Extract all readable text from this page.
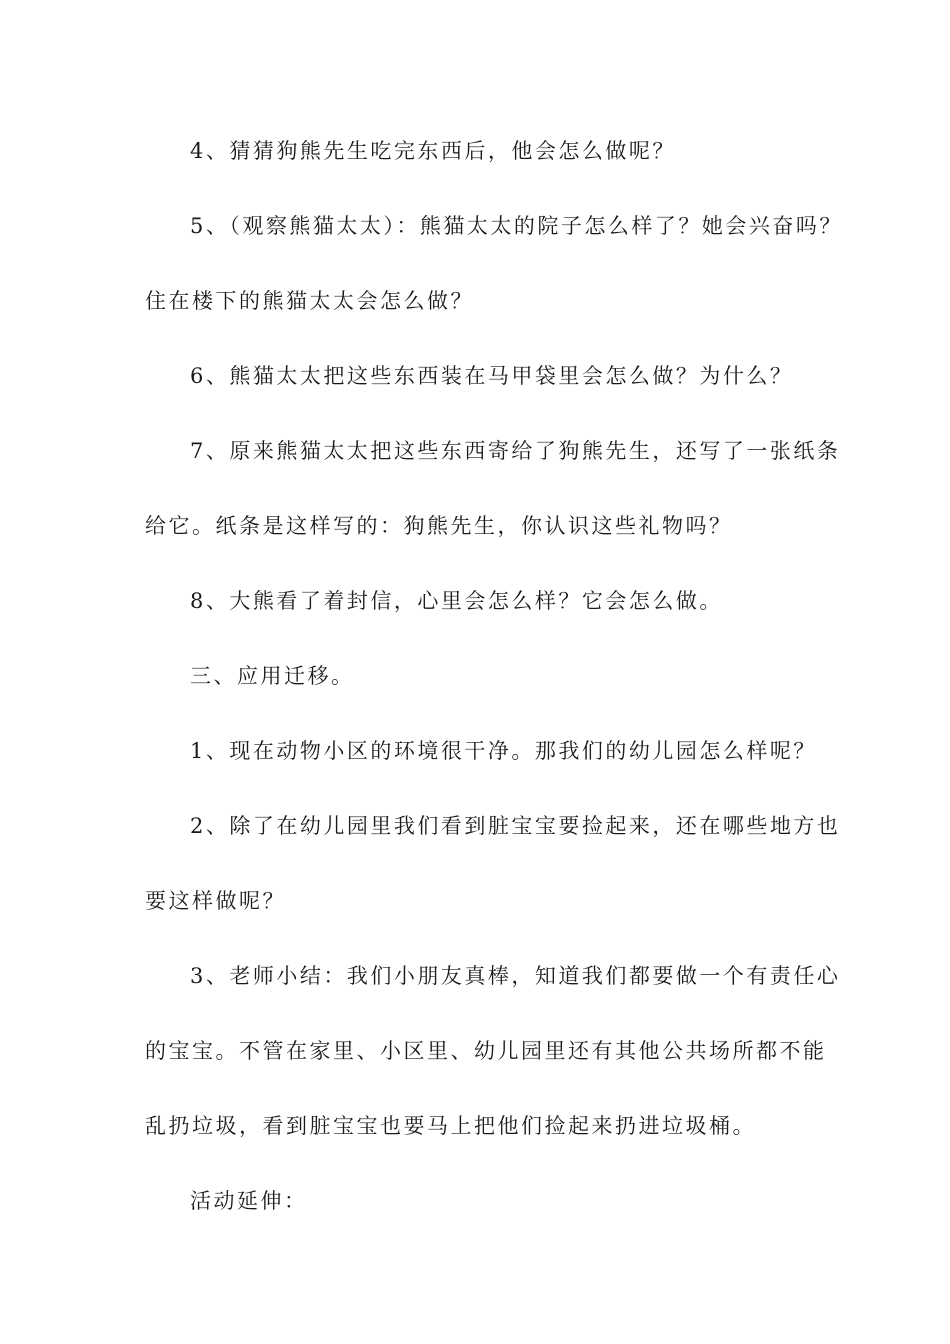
4、猜猜狗熊先生吃完东西后，他会怎么做呢？
5、（观察熊猫太太）：熊猫太太的院子怎么样了？她会兴奋吗？
住在楼下的熊猫太太会怎么做？
6、熊猫太太把这些东西装在马甲袋里会怎么做？为什么？
7、原来熊猫太太把这些东西寄给了狗熊先生，还写了一张纸条
给它。纸条是这样写的：狗熊先生，你认识这些礼物吗？
8、大熊看了着封信，心里会怎么样？它会怎么做。
三、应用迁移。
1、现在动物小区的环境很干净。那我们的幼儿园怎么样呢？
2、除了在幼儿园里我们看到脏宝宝要捡起来，还在哪些地方也
要这样做呢？
3、老师小结：我们小朋友真棒，知道我们都要做一个有责任心
的宝宝。不管在家里、小区里、幼儿园里还有其他公共场所都不能
乱扔垃圾，看到脏宝宝也要马上把他们捡起来扔进垃圾桶。
活动延伸：
